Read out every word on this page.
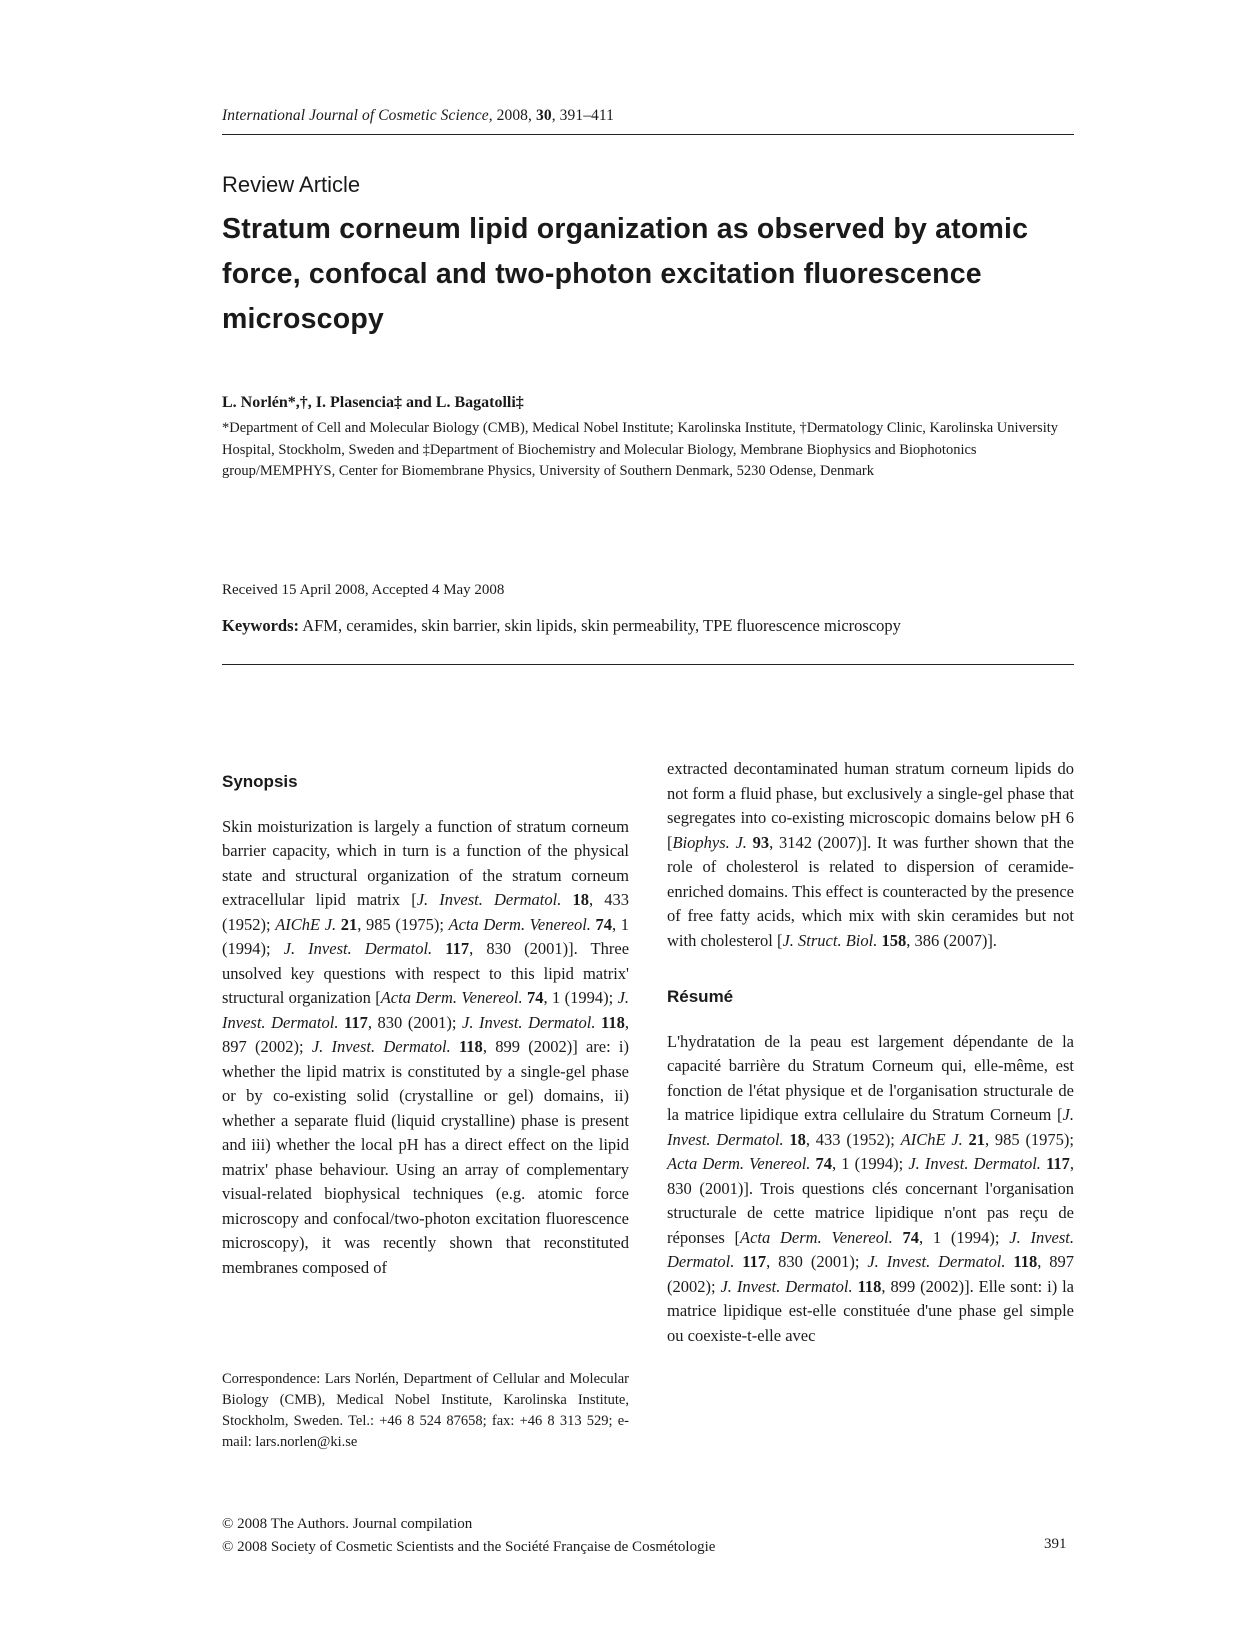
International Journal of Cosmetic Science, 2008, 30, 391–411
Review Article
Stratum corneum lipid organization as observed by atomic force, confocal and two-photon excitation fluorescence microscopy
L. Norlén*,†, I. Plasencia‡ and L. Bagatolli‡
*Department of Cell and Molecular Biology (CMB), Medical Nobel Institute; Karolinska Institute, †Dermatology Clinic, Karolinska University Hospital, Stockholm, Sweden and ‡Department of Biochemistry and Molecular Biology, Membrane Biophysics and Biophotonics group/MEMPHYS, Center for Biomembrane Physics, University of Southern Denmark, 5230 Odense, Denmark
Received 15 April 2008, Accepted 4 May 2008
Keywords: AFM, ceramides, skin barrier, skin lipids, skin permeability, TPE fluorescence microscopy
Synopsis

Skin moisturization is largely a function of stratum corneum barrier capacity, which in turn is a function of the physical state and structural organization of the stratum corneum extracellular lipid matrix [J. Invest. Dermatol. 18, 433 (1952); AIChE J. 21, 985 (1975); Acta Derm. Venereol. 74, 1 (1994); J. Invest. Dermatol. 117, 830 (2001)]. Three unsolved key questions with respect to this lipid matrix' structural organization [Acta Derm. Venereol. 74, 1 (1994); J. Invest. Dermatol. 117, 830 (2001); J. Invest. Dermatol. 118, 897 (2002); J. Invest. Dermatol. 118, 899 (2002)] are: i) whether the lipid matrix is constituted by a single-gel phase or by co-existing solid (crystalline or gel) domains, ii) whether a separate fluid (liquid crystalline) phase is present and iii) whether the local pH has a direct effect on the lipid matrix' phase behaviour. Using an array of complementary visual-related biophysical techniques (e.g. atomic force microscopy and confocal/two-photon excitation fluorescence microscopy), it was recently shown that reconstituted membranes composed of

Correspondence: Lars Norlén, Department of Cellular and Molecular Biology (CMB), Medical Nobel Institute, Karolinska Institute, Stockholm, Sweden. Tel.: +46 8 524 87658; fax: +46 8 313 529; e-mail: lars.norlen@ki.se

extracted decontaminated human stratum corneum lipids do not form a fluid phase, but exclusively a single-gel phase that segregates into co-existing microscopic domains below pH 6 [Biophys. J. 93, 3142 (2007)]. It was further shown that the role of cholesterol is related to dispersion of ceramide-enriched domains. This effect is counteracted by the presence of free fatty acids, which mix with skin ceramides but not with cholesterol [J. Struct. Biol. 158, 386 (2007)].

Résumé

L'hydratation de la peau est largement dépendante de la capacité barrière du Stratum Corneum qui, elle-même, est fonction de l'état physique et de l'organisation structurale de la matrice lipidique extra cellulaire du Stratum Corneum [J. Invest. Dermatol. 18, 433 (1952); AIChE J. 21, 985 (1975); Acta Derm. Venereol. 74, 1 (1994); J. Invest. Dermatol. 117, 830 (2001)]. Trois questions clés concernant l'organisation structurale de cette matrice lipidique n'ont pas reçu de réponses [Acta Derm. Venereol. 74, 1 (1994); J. Invest. Dermatol. 117, 830 (2001); J. Invest. Dermatol. 118, 897 (2002); J. Invest. Dermatol. 118, 899 (2002)]. Elle sont: i) la matrice lipidique est-elle constituée d'une phase gel simple ou coexiste-t-elle avec

© 2008 The Authors. Journal compilation
© 2008 Society of Cosmetic Scientists and the Société Française de Cosmétologie	391
